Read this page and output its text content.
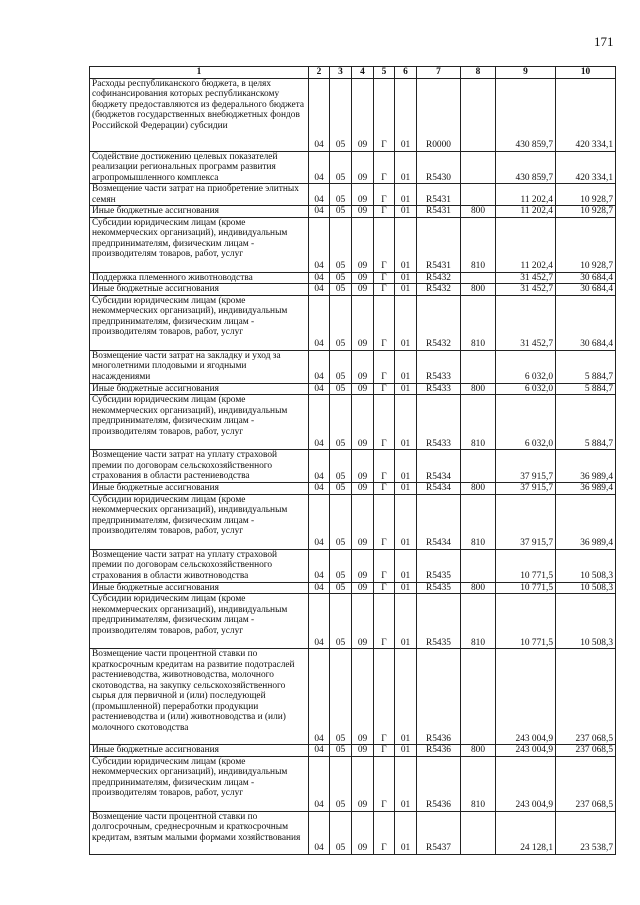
171
1	2	3	4	5	6	7	8	9	10
Расходы республиканского бюджета, в целях софинансирования которых республиканскому бюджету предоставляются из федерального бюджета (бюджетов государственных внебюджетных фондов Российской Федерации) субсидии	04	05	09	Г	01	R0000		430 859,7	420 334,1
Содействие достижению целевых показателей реализации региональных программ развития агропромышленного комплекса	04	05	09	Г	01	R5430		430 859,7	420 334,1
Возмещение части затрат на приобретение элитных семян	04	05	09	Г	01	R5431		11 202,4	10 928,7
Иные бюджетные ассигнования	04	05	09	Г	01	R5431	800	11 202,4	10 928,7
Субсидии юридическим лицам (кроме некоммерческих организаций), индивидуальным предпринимателям, физическим лицам - производителям товаров, работ, услуг	04	05	09	Г	01	R5431	810	11 202,4	10 928,7
Поддержка племенного животноводства	04	05	09	Г	01	R5432		31 452,7	30 684,4
Иные бюджетные ассигнования	04	05	09	Г	01	R5432	800	31 452,7	30 684,4
Субсидии юридическим лицам (кроме некоммерческих организаций), индивидуальным предпринимателям, физическим лицам - производителям товаров, работ, услуг	04	05	09	Г	01	R5432	810	31 452,7	30 684,4
Возмещение части затрат на закладку и уход за многолетними плодовыми и ягодными насаждениями	04	05	09	Г	01	R5433		6 032,0	5 884,7
Иные бюджетные ассигнования	04	05	09	Г	01	R5433	800	6 032,0	5 884,7
Субсидии юридическим лицам (кроме некоммерческих организаций), индивидуальным предпринимателям, физическим лицам - производителям товаров, работ, услуг	04	05	09	Г	01	R5433	810	6 032,0	5 884,7
Возмещение части затрат на уплату страховой премии по договорам сельскохозяйственного страхования в области растениеводства	04	05	09	Г	01	R5434		37 915,7	36 989,4
Иные бюджетные ассигнования	04	05	09	Г	01	R5434	800	37 915,7	36 989,4
Субсидии юридическим лицам (кроме некоммерческих организаций), индивидуальным предпринимателям, физическим лицам - производителям товаров, работ, услуг	04	05	09	Г	01	R5434	810	37 915,7	36 989,4
Возмещение части затрат на уплату страховой премии по договорам сельскохозяйственного страхования в области животноводства	04	05	09	Г	01	R5435		10 771,5	10 508,3
Иные бюджетные ассигнования	04	05	09	Г	01	R5435	800	10 771,5	10 508,3
Субсидии юридическим лицам (кроме некоммерческих организаций), индивидуальным предпринимателям, физическим лицам - производителям товаров, работ, услуг	04	05	09	Г	01	R5435	810	10 771,5	10 508,3
Возмещение части процентной ставки по краткосрочным кредитам на развитие подотраслей растениеводства, животноводства, молочного скотоводства, на закупку сельскохозяйственного сырья для первичной и (или) последующей (промышленной) переработки продукции растениеводства и (или) животноводства и (или) молочного скотоводства	04	05	09	Г	01	R5436		243 004,9	237 068,5
Иные бюджетные ассигнования	04	05	09	Г	01	R5436	800	243 004,9	237 068,5
Субсидии юридическим лицам (кроме некоммерческих организаций), индивидуальным предпринимателям, физическим лицам - производителям товаров, работ, услуг	04	05	09	Г	01	R5436	810	243 004,9	237 068,5
Возмещение части процентной ставки по долгосрочным, среднесрочным и краткосрочным кредитам, взятым малыми формами хозяйствования	04	05	09	Г	01	R5437		24 128,1	23 538,7
